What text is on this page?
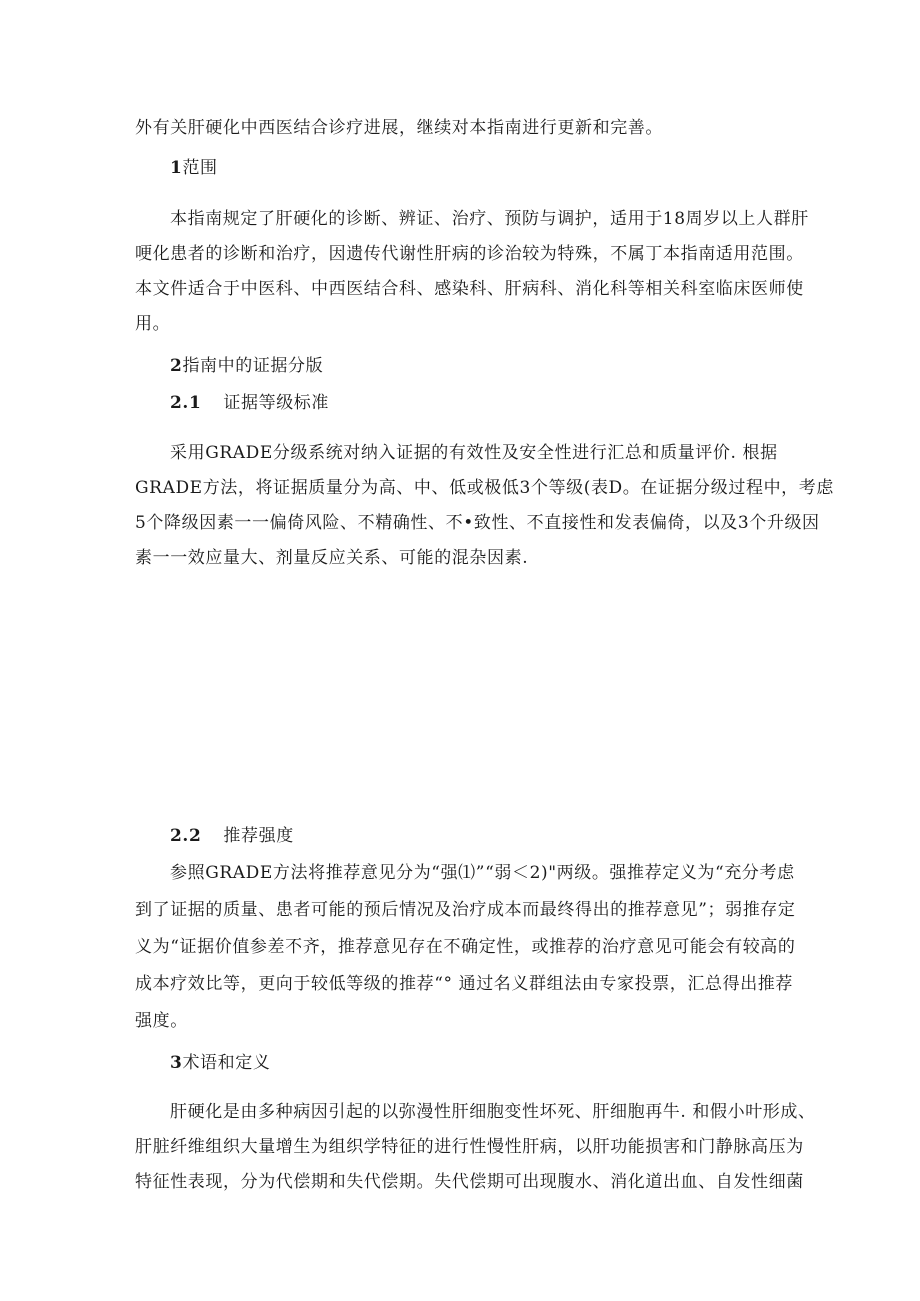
外有关肝硬化中西医结合诊疗进展，继续对本指南进行更新和完善。
1范围
本指南规定了肝硬化的诊断、辨证、治疗、预防与调护，适用于18周岁以上人群肝
哽化患者的诊断和治疗，因遗传代谢性肝病的诊治较为特殊，不属丁本指南适用范围。
本文件适合于中医科、中西医结合科、感染科、肝病科、消化科等相关科室临床医师使
用。
2指南中的证据分版
2.1 证据等级标准
采用GRADE分级系统对纳入证据的有效性及安全性进行汇总和质量评价. 根据
GRADE方法，将证据质量分为高、中、低或极低3个等级(表D。在证据分级过程中，考虑
5个降级因素一一偏倚风险、不精确性、不•致性、不直接性和发表偏倚，以及3个升级因
素一一效应量大、剂量反应关系、可能的混杂因素.
2.2 推荐强度
参照GRADE方法将推荐意见分为“强⑴”“弱＜2)"两级。强推荐定义为“充分考虑
到了证据的质量、患者可能的预后情况及治疗成本而最终得出的推荐意见”；弱推存定
义为“证据价值参差不齐，推荐意见存在不确定性，或推荐的治疗意见可能会有较高的
成本疗效比等，更向于较低等级的推荐“° 通过名义群组法由专家投票，汇总得出推荐
强度。
3术语和定义
肝硬化是由多种病因引起的以弥漫性肝细胞变性坏死、肝细胞再牛. 和假小叶形成、
肝脏纤维组织大量增生为组织学特征的进行性慢性肝病，以肝功能损害和门静脉高压为
特征性表现，分为代偿期和失代偿期。失代偿期可出现腹水、消化道出血、自发性细菌
